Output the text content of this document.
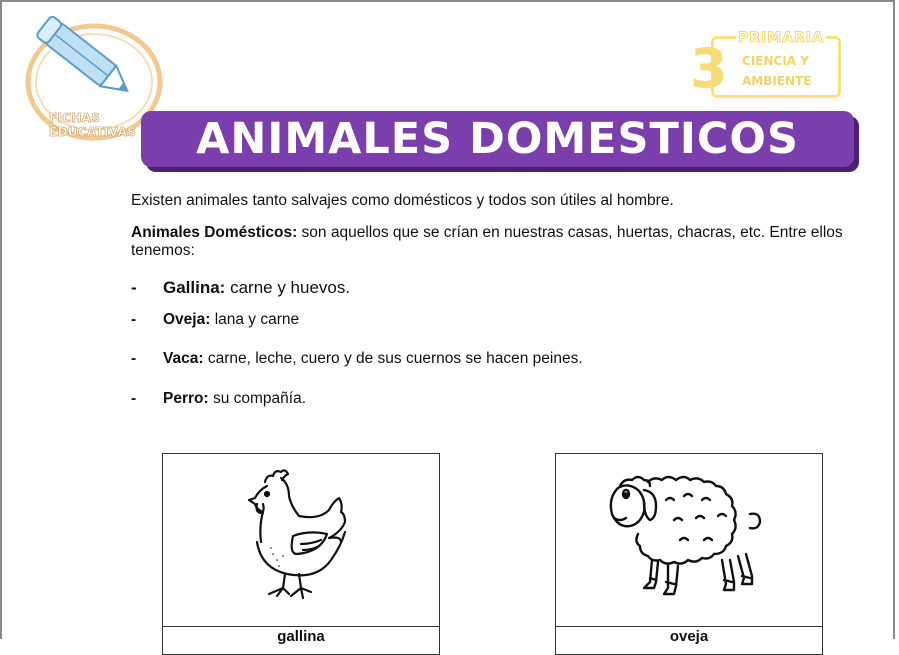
FICHAS
EDUCATIVAS
3 PRIMARIA
CIENCIA Y
AMBIENTE
ANIMALES DOMESTICOS
Existen animales tanto salvajes como domésticos y todos son útiles al hombre.
Animales Domésticos: son aquellos que se crían en nuestras casas, huertas, chacras, etc. Entre ellos tenemos:
- Gallina: carne y huevos.
- Oveja: lana y carne
- Vaca: carne, leche, cuero y de sus cuernos se hacen peines.
- Perro: su compañía.
gallina	oveja
